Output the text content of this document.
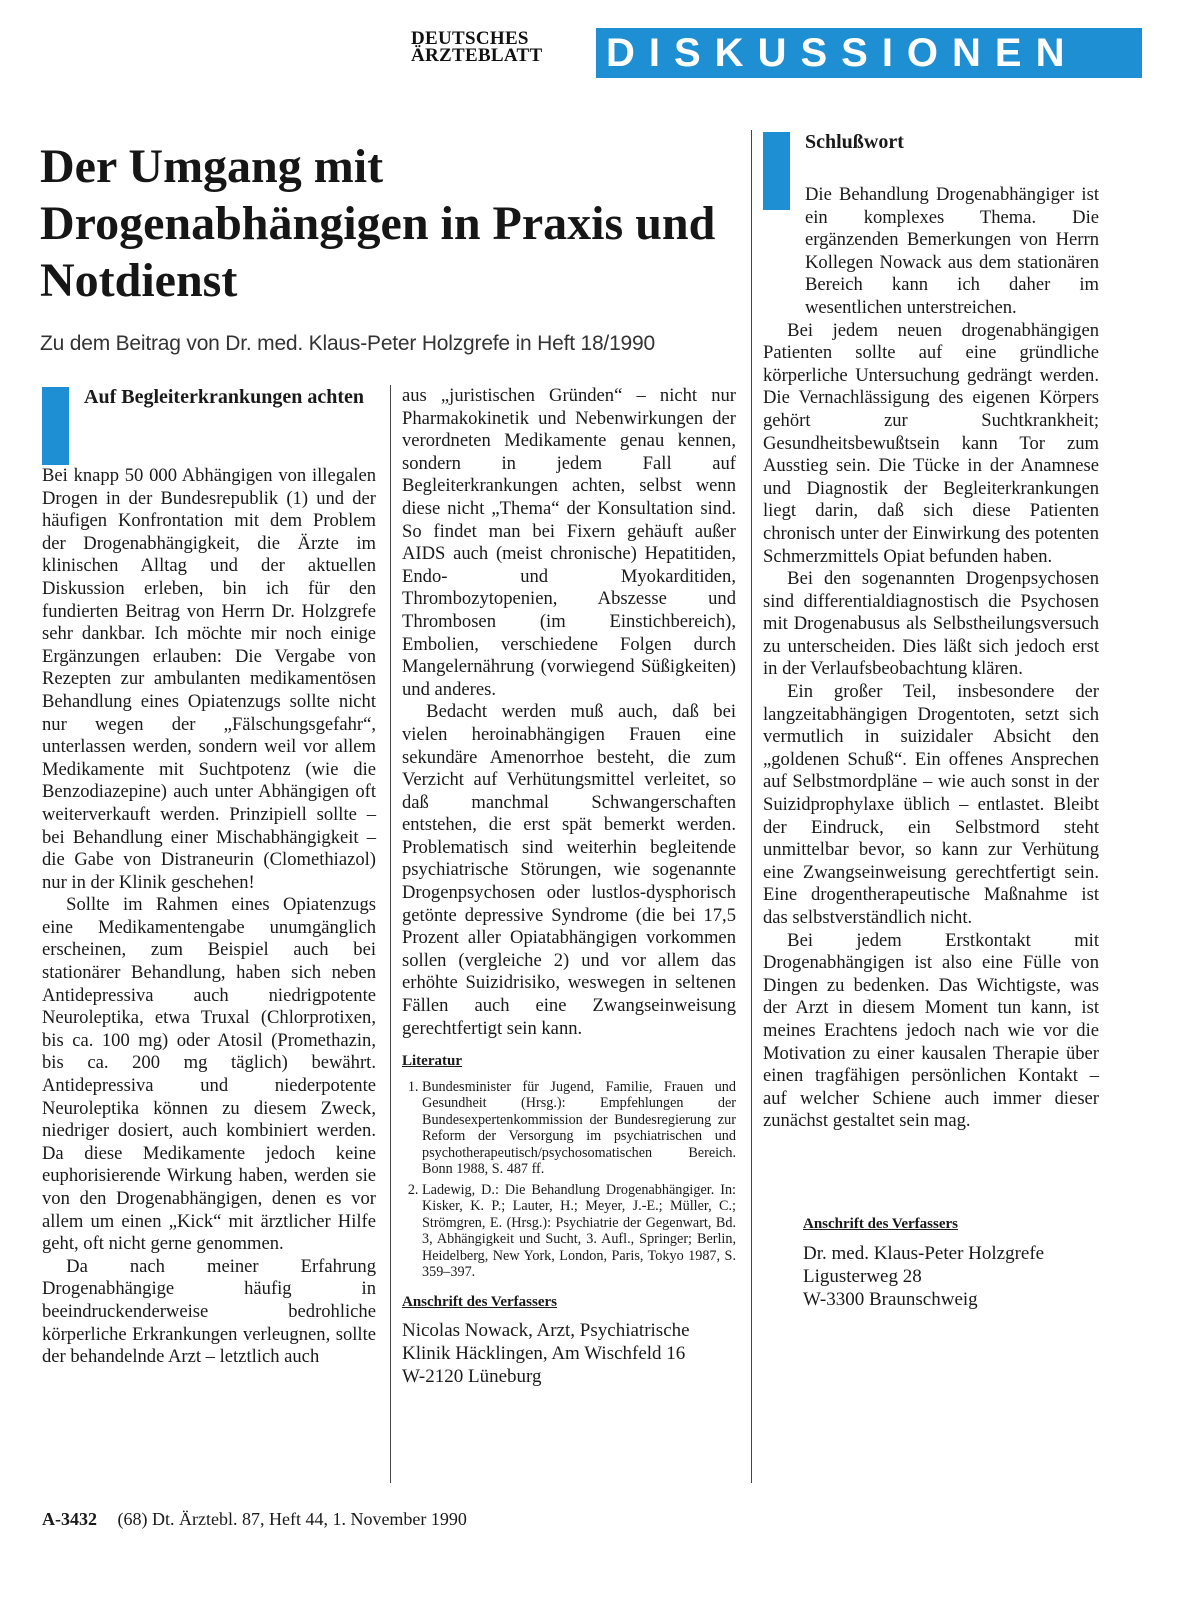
DEUTSCHES
ÄRZTEBLATT	DISKUSSIONEN
Der Umgang mit Drogenabhängigen in Praxis und Notdienst
Zu dem Beitrag von Dr. med. Klaus-Peter Holzgrefe in Heft 18/1990
Auf Begleiterkrankungen achten

Bei knapp 50 000 Abhängigen von illegalen Drogen in der Bundesrepublik (1) und der häufigen Konfrontation mit dem Problem der Drogenabhängigkeit, die Ärzte im klinischen Alltag und der aktuellen Diskussion erleben, bin ich für den fundierten Beitrag von Herrn Dr. Holzgrefe sehr dankbar. Ich möchte mir noch einige Ergänzungen erlauben: Die Vergabe von Rezepten zur ambulanten medikamentösen Behandlung eines Opiatenzugs sollte nicht nur wegen der „Fälschungsgefahr“, unterlassen werden, sondern weil vor allem Medikamente mit Suchtpotenz (wie die Benzodiazepine) auch unter Abhängigen oft weiterverkauft werden. Prinzipiell sollte – bei Behandlung einer Mischabhängigkeit – die Gabe von Distraneurin (Clomethiazol) nur in der Klinik geschehen!

Sollte im Rahmen eines Opiatenzugs eine Medikamentengabe unumgänglich erscheinen, zum Beispiel auch bei stationärer Behandlung, haben sich neben Antidepressiva auch niedrigpotente Neuroleptika, etwa Truxal (Chlorprotixen, bis ca. 100 mg) oder Atosil (Promethazin, bis ca. 200 mg täglich) bewährt. Antidepressiva und niederpotente Neuroleptika können zu diesem Zweck, niedriger dosiert, auch kombiniert werden. Da diese Medikamente jedoch keine euphorisierende Wirkung haben, werden sie von den Drogenabhängigen, denen es vor allem um einen „Kick“ mit ärztlicher Hilfe geht, oft nicht gerne genommen.

Da nach meiner Erfahrung Drogenabhängige häufig in beeindruckenderweise bedrohliche körperliche Erkrankungen verleugnen, sollte der behandelnde Arzt – letztlich auch

aus „juristischen Gründen“ – nicht nur Pharmakokinetik und Nebenwirkungen der verordneten Medikamente genau kennen, sondern in jedem Fall auf Begleiterkrankungen achten, selbst wenn diese nicht „Thema“ der Konsultation sind. So findet man bei Fixern gehäuft außer AIDS auch (meist chronische) Hepatitiden, Endo- und Myokarditiden, Thrombozytopenien, Abszesse und Thrombosen (im Einstichbereich), Embolien, verschiedene Folgen durch Mangelernährung (vorwiegend Süßigkeiten) und anderes.

Bedacht werden muß auch, daß bei vielen heroinabhängigen Frauen eine sekundäre Amenorrhoe besteht, die zum Verzicht auf Verhütungsmittel verleitet, so daß manchmal Schwangerschaften entstehen, die erst spät bemerkt werden. Problematisch sind weiterhin begleitende psychiatrische Störungen, wie sogenannte Drogenpsychosen oder lustlos-dysphorisch getönte depressive Syndrome (die bei 17,5 Prozent aller Opiatabhängigen vorkommen sollen (vergleiche 2) und vor allem das erhöhte Suizidrisiko, weswegen in seltenen Fällen auch eine Zwangseinweisung gerechtfertigt sein kann.

Literatur
1. Bundesminister für Jugend, Familie, Frauen und Gesundheit (Hrsg.): Empfehlungen der Bundesexpertenkommission der Bundesregierung zur Reform der Versorgung im psychiatrischen und psychotherapeutisch/psychosomatischen Bereich. Bonn 1988, S. 487 ff.
2. Ladewig, D.: Die Behandlung Drogenabhängiger. In: Kisker, K. P.; Lauter, H.; Meyer, J.-E.; Müller, C.; Strömgren, E. (Hrsg.): Psychiatrie der Gegenwart, Bd. 3, Abhängigkeit und Sucht, 3. Aufl., Springer; Berlin, Heidelberg, New York, London, Paris, Tokyo 1987, S. 359–397.
Anschrift des Verfassers
Nicolas Nowack, Arzt, Psychiatrische
Klinik Häcklingen, Am Wischfeld 16
W-2120 Lüneburg
Schlußwort

Die Behandlung Drogenabhängiger ist ein komplexes Thema. Die ergänzenden Bemerkungen von Herrn Kollegen Nowack aus dem stationären Bereich kann ich daher im wesentlichen unterstreichen.

Bei jedem neuen drogenabhängigen Patienten sollte auf eine gründliche körperliche Untersuchung gedrängt werden. Die Vernachlässigung des eigenen Körpers gehört zur Suchtkrankheit; Gesundheitsbewußtsein kann Tor zum Ausstieg sein. Die Tücke in der Anamnese und Diagnostik der Begleiterkrankungen liegt darin, daß sich diese Patienten chronisch unter der Einwirkung des potenten Schmerzmittels Opiat befunden haben.

Bei den sogenannten Drogenpsychosen sind differentialdiagnostisch die Psychosen mit Drogenabusus als Selbstheilungsversuch zu unterscheiden. Dies läßt sich jedoch erst in der Verlaufsbeobachtung klären.

Ein großer Teil, insbesondere der langzeitabhängigen Drogentoten, setzt sich vermutlich in suizidaler Absicht den „goldenen Schuß“. Ein offenes Ansprechen auf Selbstmordpläne – wie auch sonst in der Suizidprophylaxe üblich – entlastet. Bleibt der Eindruck, ein Selbstmord steht unmittelbar bevor, so kann zur Verhütung eine Zwangseinweisung gerechtfertigt sein. Eine drogentherapeutische Maßnahme ist das selbstverständlich nicht.

Bei jedem Erstkontakt mit Drogenabhängigen ist also eine Fülle von Dingen zu bedenken. Das Wichtigste, was der Arzt in diesem Moment tun kann, ist meines Erachtens jedoch nach wie vor die Motivation zu einer kausalen Therapie über einen tragfähigen persönlichen Kontakt – auf welcher Schiene auch immer dieser zunächst gestaltet sein mag.

Anschrift des Verfassers
Dr. med. Klaus-Peter Holzgrefe
Ligusterweg 28
W-3300 Braunschweig
A-3432 (68) Dt. Ärztebl. 87, Heft 44, 1. November 1990
